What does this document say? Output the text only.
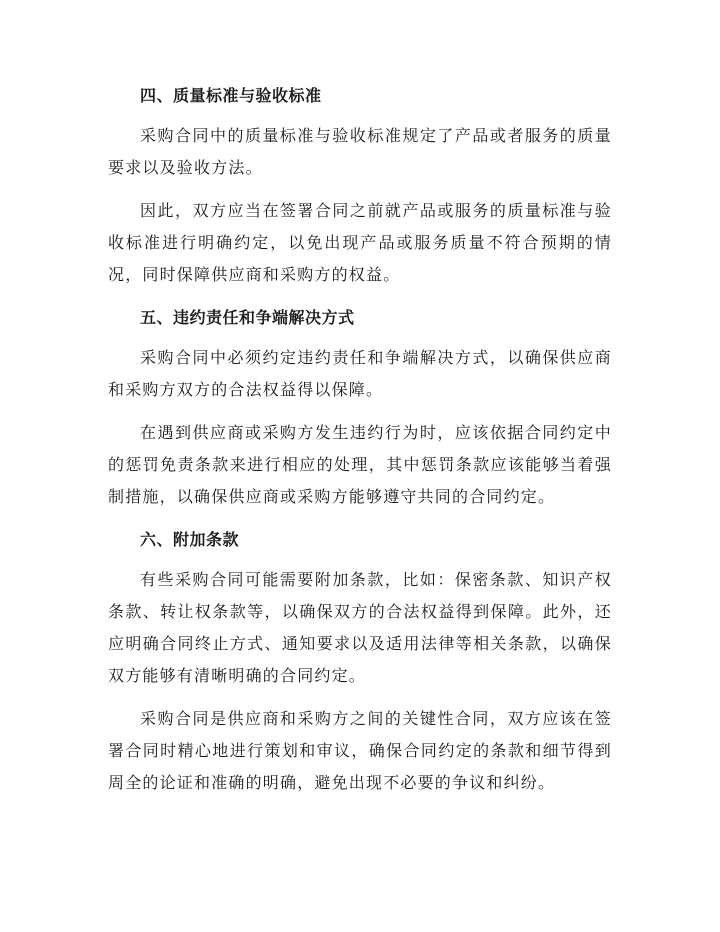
四、质量标准与验收标准

采购合同中的质量标准与验收标准规定了产品或者服务的质量要求以及验收方法。

因此，双方应当在签署合同之前就产品或服务的质量标准与验收标准进行明确约定，以免出现产品或服务质量不符合预期的情况，同时保障供应商和采购方的权益。

五、违约责任和争端解决方式

采购合同中必须约定违约责任和争端解决方式，以确保供应商和采购方双方的合法权益得以保障。

在遇到供应商或采购方发生违约行为时，应该依据合同约定中的惩罚免责条款来进行相应的处理，其中惩罚条款应该能够当着强制措施，以确保供应商或采购方能够遵守共同的合同约定。

六、附加条款

有些采购合同可能需要附加条款，比如：保密条款、知识产权条款、转让权条款等，以确保双方的合法权益得到保障。此外，还应明确合同终止方式、通知要求以及适用法律等相关条款，以确保双方能够有清晰明确的合同约定。

采购合同是供应商和采购方之间的关键性合同，双方应该在签署合同时精心地进行策划和审议，确保合同约定的条款和细节得到周全的论证和准确的明确，避免出现不必要的争议和纠纷。
